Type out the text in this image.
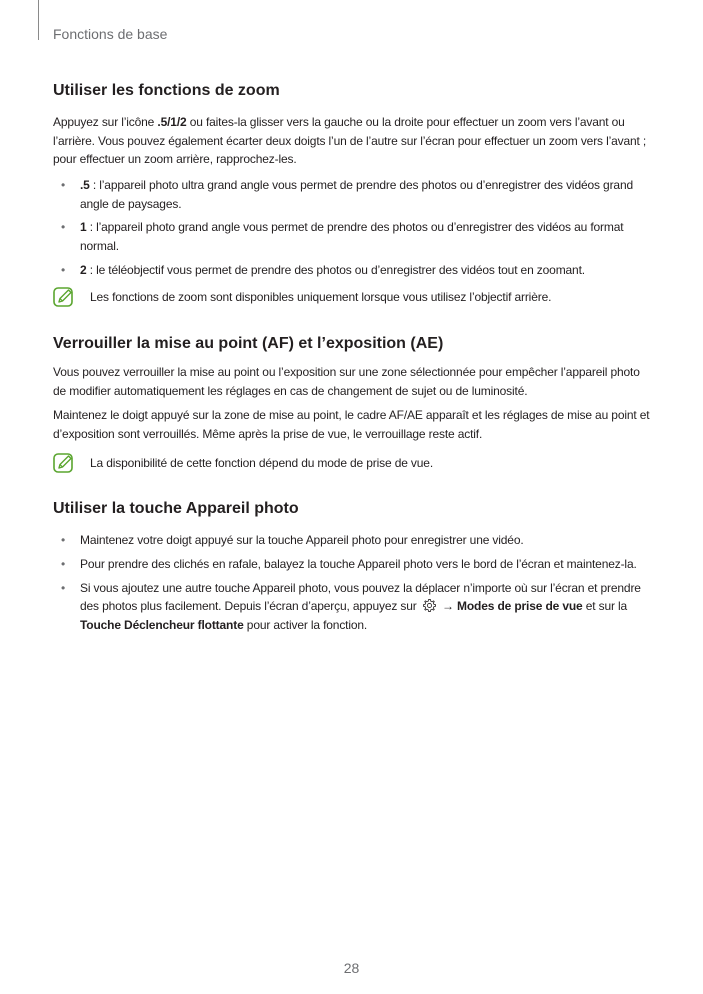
Fonctions de base
Utiliser les fonctions de zoom

Appuyez sur l’icône .5/1/2 ou faites-la glisser vers la gauche ou la droite pour effectuer un zoom vers l’avant ou l’arrière. Vous pouvez également écarter deux doigts l’un de l’autre sur l’écran pour effectuer un zoom vers l’avant ; pour effectuer un zoom arrière, rapprochez-les.

• .5 : l’appareil photo ultra grand angle vous permet de prendre des photos ou d’enregistrer des vidéos grand angle de paysages.
• 1 : l’appareil photo grand angle vous permet de prendre des photos ou d’enregistrer des vidéos au format normal.
• 2 : le téléobjectif vous permet de prendre des photos ou d’enregistrer des vidéos tout en zoomant.
Les fonctions de zoom sont disponibles uniquement lorsque vous utilisez l’objectif arrière.
Verrouiller la mise au point (AF) et l’exposition (AE)

Vous pouvez verrouiller la mise au point ou l’exposition sur une zone sélectionnée pour empêcher l’appareil photo de modifier automatiquement les réglages en cas de changement de sujet ou de luminosité.

Maintenez le doigt appuyé sur la zone de mise au point, le cadre AF/AE apparaît et les réglages de mise au point et d’exposition sont verrouillés. Même après la prise de vue, le verrouillage reste actif.

La disponibilité de cette fonction dépend du mode de prise de vue.
Utiliser la touche Appareil photo
• Maintenez votre doigt appuyé sur la touche Appareil photo pour enregistrer une vidéo.
• Pour prendre des clichés en rafale, balayez la touche Appareil photo vers le bord de l’écran et maintenez-la.
• Si vous ajoutez une autre touche Appareil photo, vous pouvez la déplacer n’importe où sur l’écran et prendre des photos plus facilement. Depuis l’écran d’aperçu, appuyez sur  → Modes de prise de vue et sur la Touche Déclencheur flottante pour activer la fonction.
28
